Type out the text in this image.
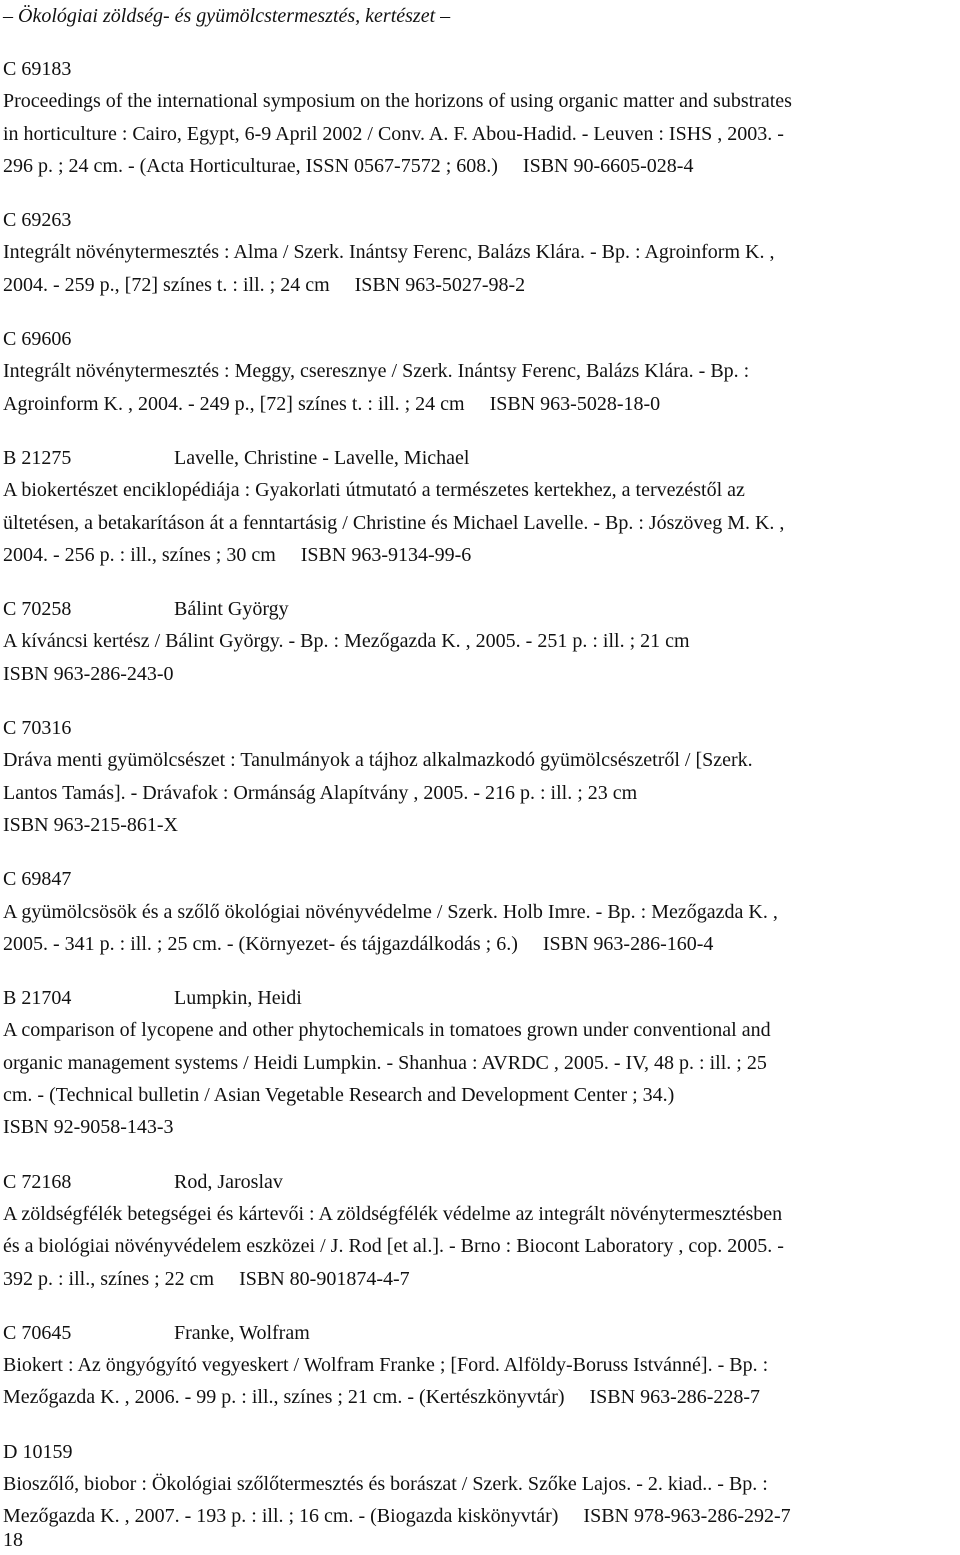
– Ökológiai zöldség- és gyümölcstermesztés, kertészet –
C 69183
Proceedings of the international symposium on the horizons of using organic matter and substrates
in horticulture : Cairo, Egypt, 6-9 April 2002 / Conv. A. F. Abou-Hadid. - Leuven : ISHS , 2003. -
296 p. ; 24 cm. - (Acta Horticulturae, ISSN 0567-7572 ; 608.)     ISBN 90-6605-028-4
C 69263
Integrált növénytermesztés : Alma / Szerk. Inántsy Ferenc, Balázs Klára. - Bp. : Agroinform K. ,
2004. - 259 p., [72] színes t. : ill. ; 24 cm     ISBN 963-5027-98-2
C 69606
Integrált növénytermesztés : Meggy, cseresznye / Szerk. Inántsy Ferenc, Balázs Klára. - Bp. :
Agroinform K. , 2004. - 249 p., [72] színes t. : ill. ; 24 cm     ISBN 963-5028-18-0
B 21275	Lavelle, Christine - Lavelle, Michael
A biokertészet enciklopédiája : Gyakorlati útmutató a természetes kertekhez, a tervezéstől az
ültetésen, a betakarításon át a fenntartásig / Christine és Michael Lavelle. - Bp. : Jószöveg M. K. ,
2004. - 256 p. : ill., színes ; 30 cm     ISBN 963-9134-99-6
C 70258	Bálint György
A kíváncsi kertész / Bálint György. - Bp. : Mezőgazda K. , 2005. - 251 p. : ill. ; 21 cm
ISBN 963-286-243-0
C 70316
Dráva menti gyümölcsészet : Tanulmányok a tájhoz alkalmazkodó gyümölcsészetről / [Szerk.
Lantos Tamás]. - Drávafok : Ormánság Alapítvány , 2005. - 216 p. : ill. ; 23 cm
ISBN 963-215-861-X
C 69847
A gyümölcsösök és a szőlő ökológiai növényvédelme / Szerk. Holb Imre. - Bp. : Mezőgazda K. ,
2005. - 341 p. : ill. ; 25 cm. - (Környezet- és tájgazdálkodás ; 6.)     ISBN 963-286-160-4
B 21704	Lumpkin, Heidi
A comparison of lycopene and other phytochemicals in tomatoes grown under conventional and
organic management systems / Heidi Lumpkin. - Shanhua : AVRDC , 2005. - IV, 48 p. : ill. ; 25
cm. - (Technical bulletin / Asian Vegetable Research and Development Center ; 34.)
ISBN 92-9058-143-3
C 72168	Rod, Jaroslav
A zöldségfélék betegségei és kártevői : A zöldségfélék védelme az integrált növénytermesztésben
és a biológiai növényvédelem eszközei / J. Rod [et al.]. - Brno : Biocont Laboratory , cop. 2005. -
392 p. : ill., színes ; 22 cm     ISBN 80-901874-4-7
C 70645	Franke, Wolfram
Biokert : Az öngyógyító vegyeskert / Wolfram Franke ; [Ford. Alföldy-Boruss Istvánné]. - Bp. :
Mezőgazda K. , 2006. - 99 p. : ill., színes ; 21 cm. - (Kertészkönyvtár)     ISBN 963-286-228-7
D 10159
Bioszőlő, biobor : Ökológiai szőlőtermesztés és borászat / Szerk. Szőke Lajos. - 2. kiad.. - Bp. :
Mezőgazda K. , 2007. - 193 p. : ill. ; 16 cm. - (Biogazda kiskönyvtár)     ISBN 978-963-286-292-7
18
